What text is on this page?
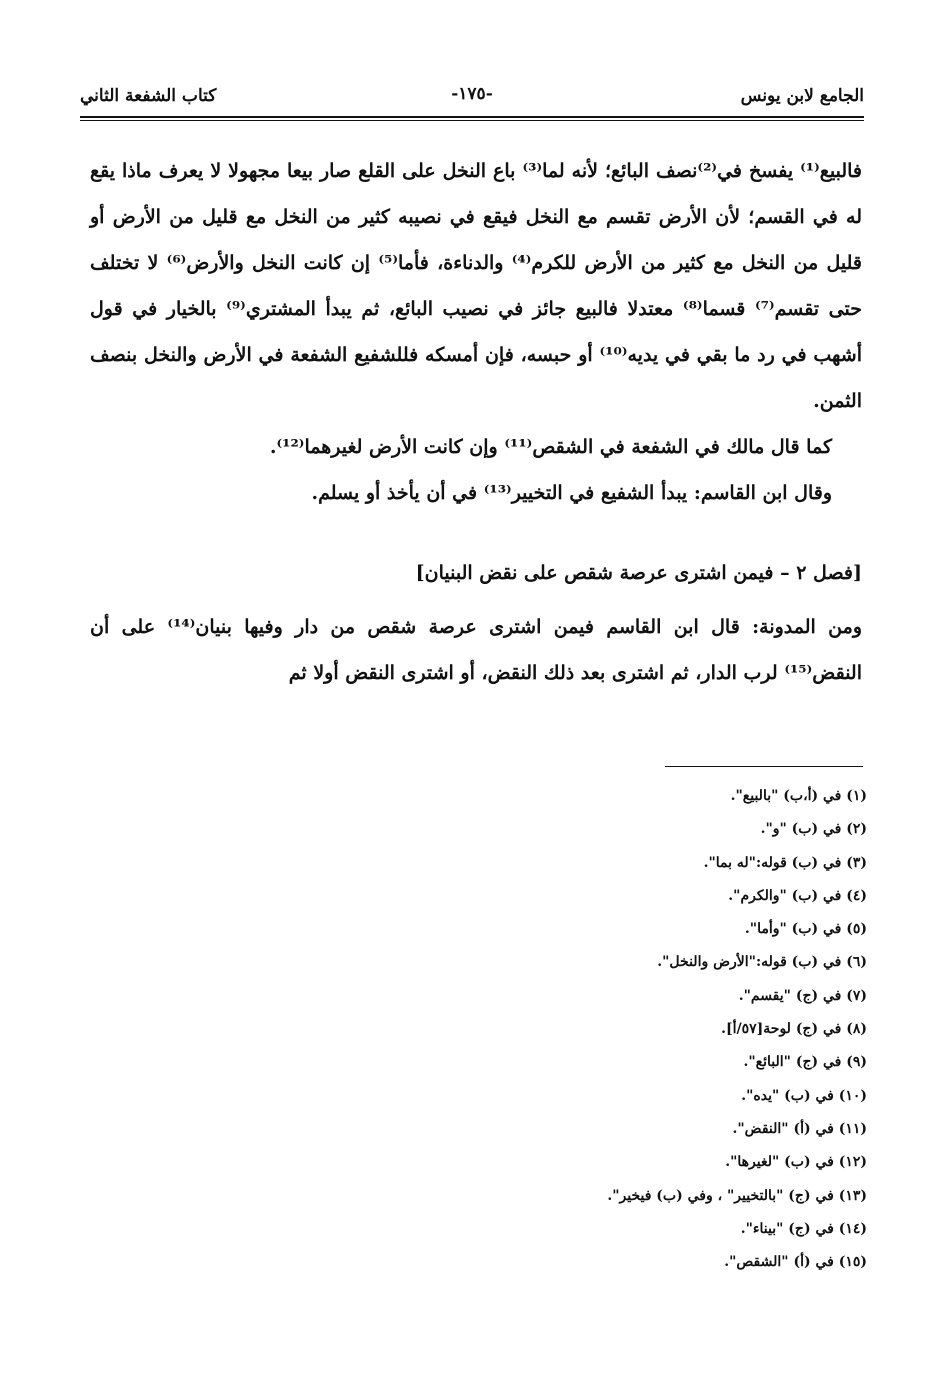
الجامع لابن يونس
-١٧٥-
كتاب الشفعة الثاني

فالبيع⁽¹⁾ يفسخ في⁽²⁾نصف البائع؛ لأنه لما⁽³⁾ باع النخل على القلع صار بيعا مجهولا لا يعرف ماذا يقع له في القسم؛ لأن الأرض تقسم مع النخل فيقع في نصيبه كثير من النخل مع قليل من الأرض أو قليل من النخل مع كثير من الأرض للكرم⁽⁴⁾ والدناءة، فأما⁽⁵⁾ إن كانت النخل والأرض⁽⁶⁾ لا تختلف حتى تقسم⁽⁷⁾ قسما⁽⁸⁾ معتدلا فالبيع جائز في نصيب البائع، ثم يبدأ المشتري⁽⁹⁾ بالخيار في قول أشهب في رد ما بقي في يديه⁽¹⁰⁾ أو حبسه، فإن أمسكه فللشفيع الشفعة في الأرض والنخل بنصف الثمن.

كما قال مالك في الشفعة في الشقص⁽¹¹⁾ وإن كانت الأرض لغيرهما⁽¹²⁾.

وقال ابن القاسم: يبدأ الشفيع في التخيير⁽¹³⁾ في أن يأخذ أو يسلم.

[فصل ٢ – فيمن اشترى عرصة شقص على نقض البنيان]

ومن المدونة: قال ابن القاسم فيمن اشترى عرصة شقص من دار وفيها بنيان⁽¹⁴⁾ على أن النقض⁽¹⁵⁾ لرب الدار، ثم اشترى بعد ذلك النقض، أو اشترى النقض أولا ثم

(١) في (أ،ب) "بالبيع".
(٢) في (ب) "و".
(٣) في (ب) قوله:"له بما".
(٤) في (ب) "والكرم".
(٥) في (ب) "وأما".
(٦) في (ب) قوله:"الأرض والنخل".
(٧) في (ج) "يقسم".
(٨) في (ج) لوحة[٥٧/أ].
(٩) في (ج) "البائع".
(١٠) في (ب) "يده".
(١١) في (أ) "النقض".
(١٢) في (ب) "لغيرها".
(١٣) في (ج) "بالتخيير" ، وفي (ب) فيخير".
(١٤) في (ج) "بيناء".
(١٥) في (أ) "الشقص".
